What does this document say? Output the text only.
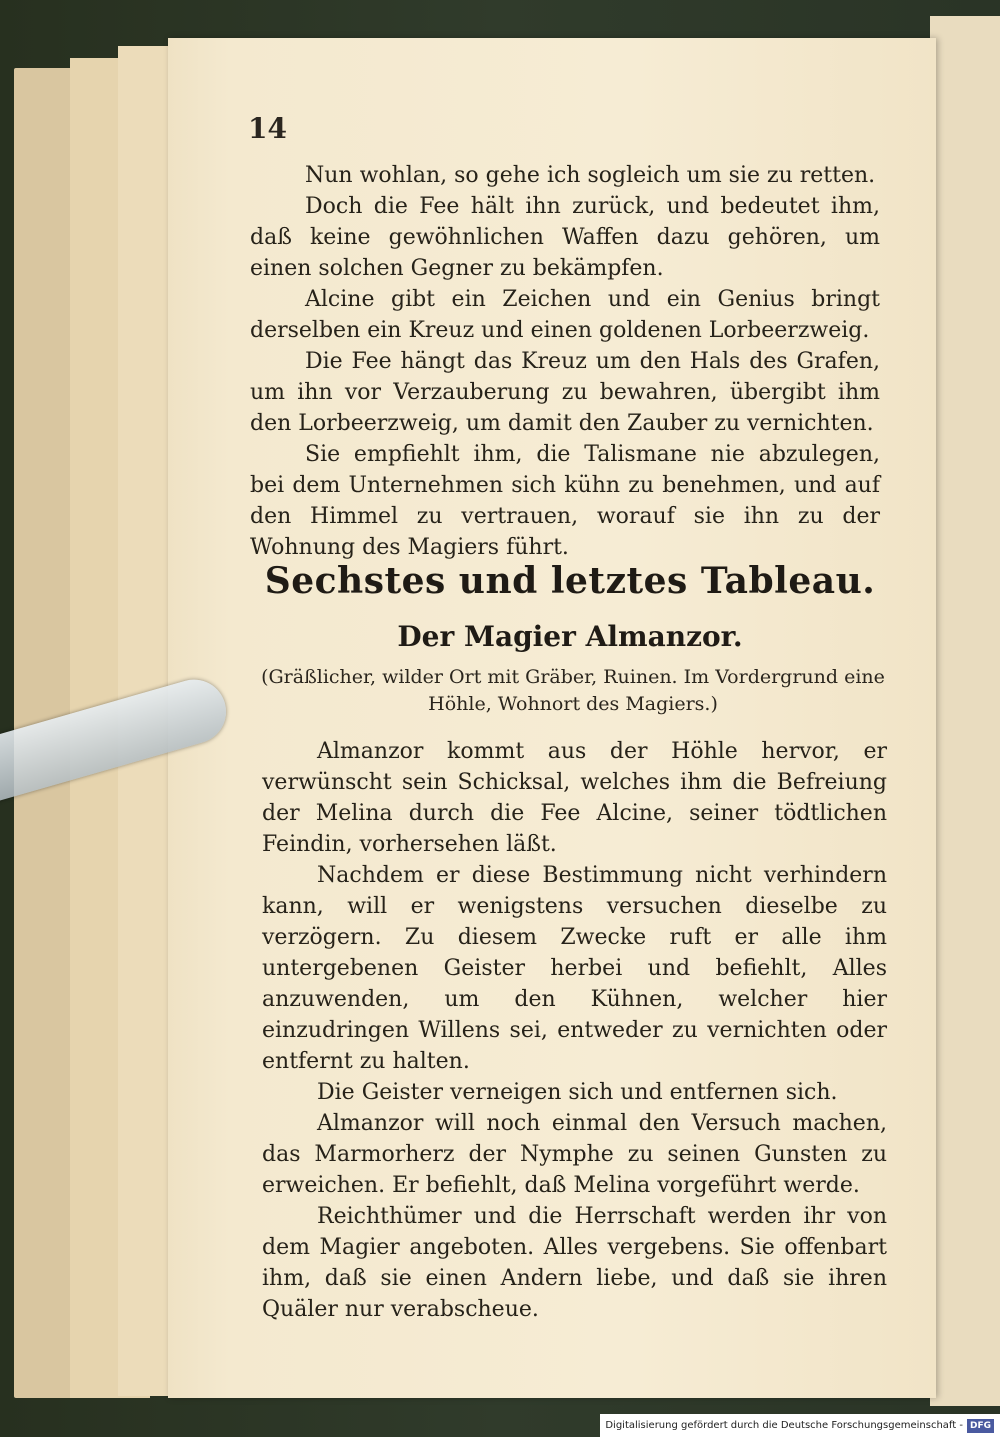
14

Nun wohlan, so gehe ich sogleich um sie zu retten.

Doch die Fee hält ihn zurück, und bedeutet ihm, daß keine gewöhnlichen Waffen dazu gehören, um einen solchen Gegner zu bekämpfen.

Alcine gibt ein Zeichen und ein Genius bringt derselben ein Kreuz und einen goldenen Lorbeerzweig.

Die Fee hängt das Kreuz um den Hals des Grafen, um ihn vor Verzauberung zu bewahren, übergibt ihm den Lorbeerzweig, um damit den Zauber zu vernichten.

Sie empfiehlt ihm, die Talismane nie abzulegen, bei dem Unternehmen sich kühn zu benehmen, und auf den Himmel zu vertrauen, worauf sie ihn zu der Wohnung des Magiers führt.

Sechstes und letztes Tableau.
Der Magier Almanzor.
(Gräßlicher, wilder Ort mit Gräber, Ruinen. Im Vordergrund eine Höhle, Wohnort des Magiers.)

Almanzor kommt aus der Höhle hervor, er verwünscht sein Schicksal, welches ihm die Befreiung der Melina durch die Fee Alcine, seiner tödtlichen Feindin, vorhersehen läßt.

Nachdem er diese Bestimmung nicht verhindern kann, will er wenigstens versuchen dieselbe zu verzögern. Zu diesem Zwecke ruft er alle ihm untergebenen Geister herbei und befiehlt, Alles anzuwenden, um den Kühnen, welcher hier einzudringen Willens sei, entweder zu vernichten oder entfernt zu halten.

Die Geister verneigen sich und entfernen sich.

Almanzor will noch einmal den Versuch machen, das Marmorherz der Nymphe zu seinen Gunsten zu erweichen. Er befiehlt, daß Melina vorgeführt werde.

Reichthümer und die Herrschaft werden ihr von dem Magier angeboten. Alles vergebens. Sie offenbart ihm, daß sie einen Andern liebe, und daß sie ihren Quäler nur verabscheue.

Digitalisierung gefördert durch die Deutsche Forschungsgemeinschaft - DFG
